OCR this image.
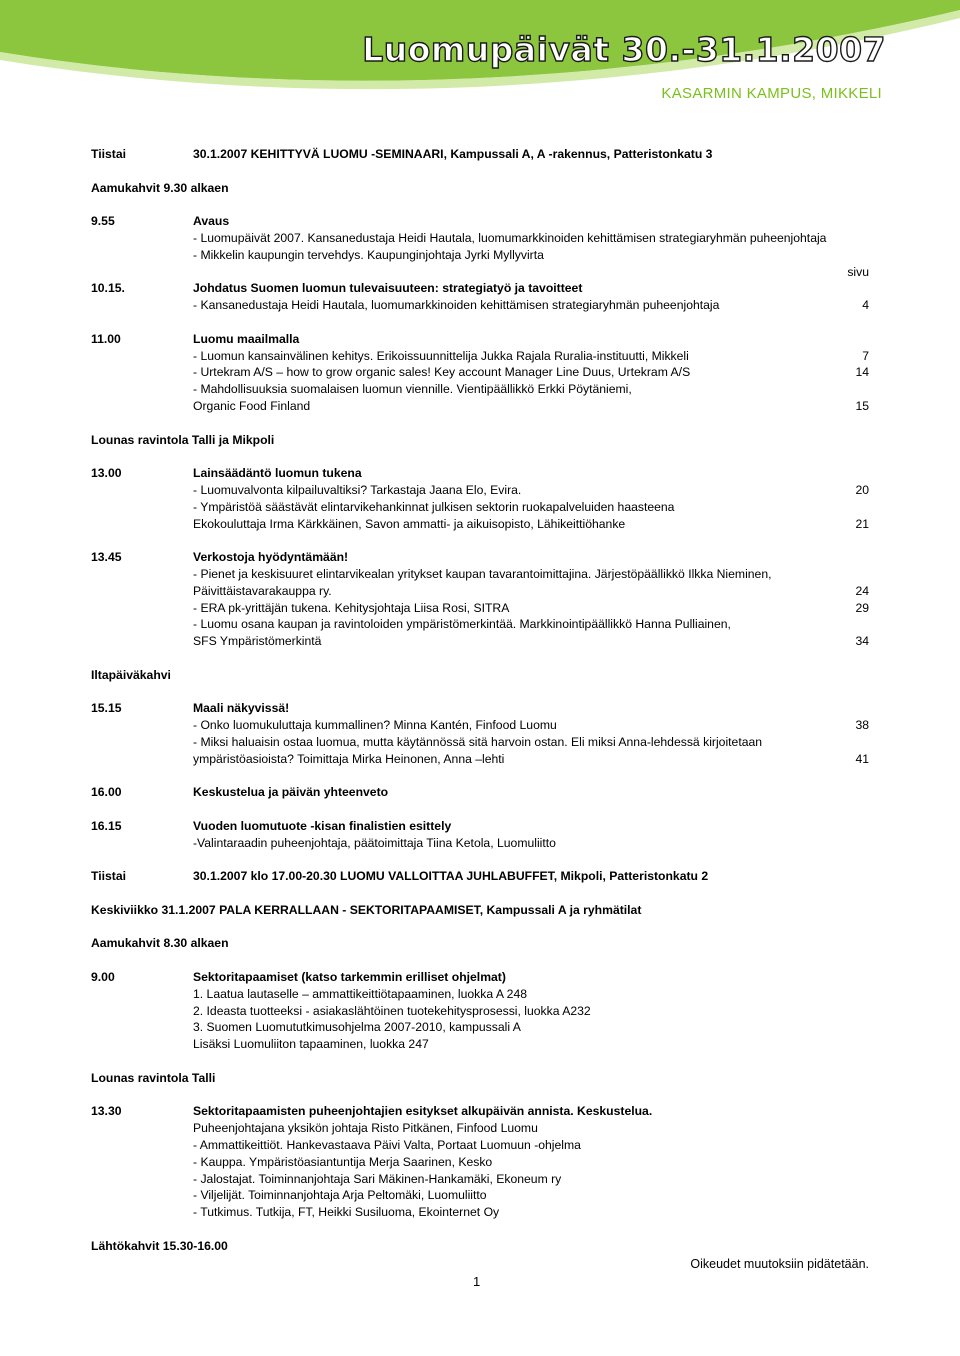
Luomupäivät 30.-31.1.2007
KASARMIN KAMPUS, MIKKELI
Tiistai	30.1.2007 KEHITTYVÄ LUOMU -SEMINAARI, Kampussali A, A -rakennus, Patteristonkatu 3
Aamukahvit 9.30 alkaen
9.55	Avaus
- Luomupäivät 2007. Kansanedustaja Heidi Hautala, luomumarkkinoiden kehittämisen strategiaryhmän puheenjohtaja
- Mikkelin kaupungin tervehdys. Kaupunginjohtaja Jyrki Myllyvirta
sivu
10.15.	Johdatus Suomen luomun tulevaisuuteen: strategiatyö ja tavoitteet
- Kansanedustaja Heidi Hautala, luomumarkkinoiden kehittämisen strategiaryhmän puheenjohtaja	4
11.00	Luomu maailmalla
- Luomun kansainvälinen kehitys. Erikoissuunnittelija Jukka Rajala Ruralia-instituutti, Mikkeli	7
- Urtekram A/S – how to grow organic sales! Key account Manager Line Duus, Urtekram A/S	14
- Mahdollisuuksia suomalaisen luomun viennille. Vientipäällikkö Erkki Pöytäniemi,
Organic Food Finland	15
Lounas ravintola Talli ja Mikpoli
13.00	Lainsäädäntö luomun tukena
- Luomuvalvonta kilpailuvaltiksi? Tarkastaja Jaana Elo, Evira.	20
- Ympäristöä säästävät elintarvikehankinnat julkisen sektorin ruokapalveluiden haasteena
Ekokouluttaja Irma Kärkkäinen, Savon ammatti- ja aikuisopisto, Lähikeittiöhanke	21
13.45	Verkostoja hyödyntämään!
- Pienet ja keskisuuret elintarvikealan yritykset kaupan tavarantoimittajina. Järjestöpäällikkö Ilkka Nieminen,
Päivittäistavarakauppa ry.	24
- ERA pk-yrittäjän tukena. Kehitysjohtaja Liisa Rosi, SITRA	29
- Luomu osana kaupan ja ravintoloiden ympäristömerkintää. Markkinointipäällikkö Hanna Pulliainen,
SFS Ympäristömerkintä	34
Iltapäiväkahvi
15.15	Maali näkyvissä!
- Onko luomukuluttaja kummallinen? Minna Kantén, Finfood Luomu	38
- Miksi haluaisin ostaa luomua, mutta käytännössä sitä harvoin ostan. Eli miksi Anna-lehdessä kirjoitetaan
ympäristöasioista? Toimittaja Mirka Heinonen, Anna –lehti	41
16.00	Keskustelua ja päivän yhteenveto
16.15	Vuoden luomutuote -kisan finalistien esittely
-Valintaraadin puheenjohtaja, päätoimittaja Tiina Ketola, Luomuliitto
Tiistai	30.1.2007 klo 17.00-20.30 LUOMU VALLOITTAA JUHLABUFFET, Mikpoli, Patteristonkatu 2
Keskiviikko 31.1.2007 PALA KERRALLAAN - SEKTORITAPAAMISET, Kampussali A ja ryhmätilat
Aamukahvit 8.30 alkaen
9.00	Sektoritapaamiset (katso tarkemmin erilliset ohjelmat)
1. Laatua lautaselle – ammattikeittiötapaaminen, luokka A 248
2. Ideasta tuotteeksi - asiakaslähtöinen tuotekehitysprosessi, luokka A232
3. Suomen Luomututkimusohjelma 2007-2010, kampussali A
Lisäksi Luomuliiton tapaaminen, luokka 247
Lounas ravintola Talli
13.30	Sektoritapaamisten puheenjohtajien esitykset alkupäivän annista. Keskustelua.
Puheenjohtajana yksikön johtaja Risto Pitkänen, Finfood Luomu
- Ammattikeittiöt. Hankevastaava Päivi Valta, Portaat Luomuun -ohjelma
- Kauppa. Ympäristöasiantuntija Merja Saarinen, Kesko
- Jalostajat. Toiminnanjohtaja Sari Mäkinen-Hankamäki, Ekoneum ry
- Viljelijät. Toiminnanjohtaja Arja Peltomäki, Luomuliitto
- Tutkimus. Tutkija, FT, Heikki Susiluoma, Ekointernet Oy
Lähtökahvit 15.30-16.00
Oikeudet muutoksiin pidätetään.
1
